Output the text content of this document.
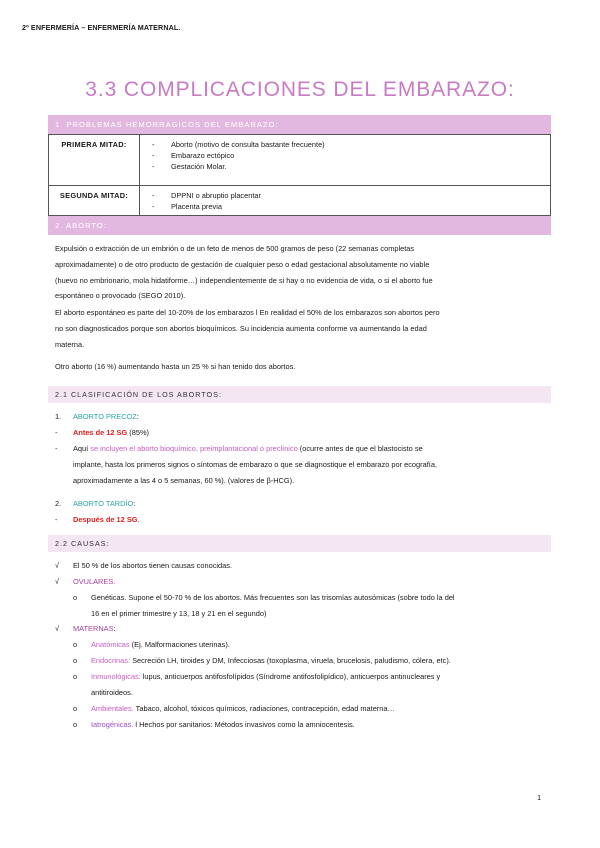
2º ENFERMERÍA – ENFERMERÍA MATERNAL.
3.3 COMPLICACIONES DEL EMBARAZO:
1. PROBLEMAS HEMORRAGICOS DEL EMBARAZO:
PRIMERA MITAD:	- Aborto (motivo de consulta bastante frecuente)
- Embarazo ectópico
- Gestación Molar.

SEGUNDA MITAD:	- DPPNI o abruptio placentar
- Placenta previa
2. ABORTO:
Expulsión o extracción de un embrión o de un feto de menos de 500 gramos de peso (22 semanas completas
aproximadamente) o de otro producto de gestación de cualquier peso o edad gestacional absolutamente no viable
(huevo no embrionario, mola hidatiforme…) independientemente de si hay o no evidencia de vida, o si el aborto fue
espontáneo o provocado (SEGO 2010).
El aborto espontáneo es parte del 10-20% de los embarazos l En realidad el 50% de los embarazos son abortos pero
no son diagnosticados porque son abortos bioquímicos. Su incidencia aumenta conforme va aumentando la edad
materna.
Otro aborto (16 %) aumentando hasta un 25 % si han tenido dos abortos.
2.1 CLASIFICACIÓN DE LOS ABORTOS:
1. ABORTO PRECOZ:
- Antes de 12 SG (85%)
- Aquí se incluyen el aborto bioquímico, preimplantacional o preclínico (ocurre antes de que el blastocisto se
implante, hasta los primeros signos o síntomas de embarazo o que se diagnostique el embarazo por ecografía,
aproximadamente a las 4 o 5 semanas, 60 %). (valores de β-HCG).
2. ABORTO TARDÍO:
- Después de 12 SG.
2.2 CAUSAS:
√ El 50 % de los abortos tienen causas conocidas.
√ OVULARES.
o Genéticas. Supone el 50-70 % de los abortos. Más frecuentes son las trisomías autosómicas (sobre todo la del
16 en el primer trimestre y 13, 18 y 21 en el segundo)
√ MATERNAS:
o Anatómicas (Ej. Malformaciones uterinas).
o Endocrinas: Secreción LH, tiroides y DM, Infecciosas (toxoplasma, viruela, brucelosis, paludismo, cólera, etc).
o Inmunológicas: lupus, anticuerpos antifosfolípidos (Síndrome antifosfolipídico), anticuerpos antinucleares y
antitiroideos.
o Ambientales. Tabaco, alcohol, tóxicos químicos, radiaciones, contracepción, edad materna…
o Iatrogénicas. l Hechos por sanitarios: Métodos invasivos como la amniocentesis.
1
